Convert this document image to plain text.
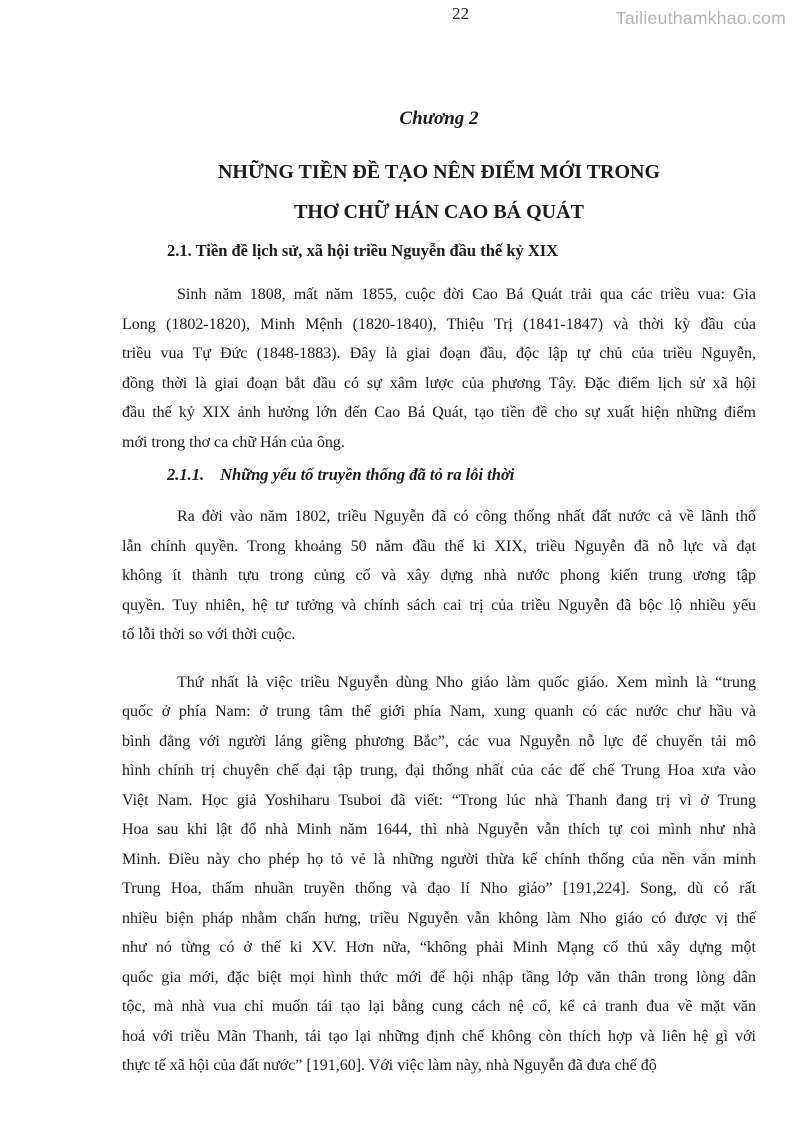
22	Tailieuthamkhao.com
Chương 2
NHỮNG TIỀN ĐỀ TẠO NÊN ĐIỂM MỚI TRONG
THƠ CHỮ HÁN CAO BÁ QUÁT
2.1. Tiền đề lịch sử, xã hội triều Nguyễn đầu thế kỷ XIX
Sinh năm 1808, mất năm 1855, cuộc đời Cao Bá Quát trải qua các triều vua: Gia
Long (1802-1820), Minh Mệnh (1820-1840), Thiệu Trị (1841-1847) và thời kỳ đầu của
triều vua Tự Đức (1848-1883). Đây là giai đoạn đầu, độc lập tự chủ của triều Nguyễn,
đồng thời là giai đoạn bắt đầu có sự xâm lược của phương Tây. Đặc điểm lịch sử xã hội
đầu thế kỷ XIX ảnh hưởng lớn đến Cao Bá Quát, tạo tiền đề cho sự xuất hiện những điểm
mới trong thơ ca chữ Hán của ông.
2.1.1. Những yếu tố truyền thống đã tỏ ra lỗi thời
Ra đời vào năm 1802, triều Nguyễn đã có công thống nhất đất nước cả về lãnh thổ
lẫn chính quyền. Trong khoảng 50 năm đầu thế ki XIX, triều Nguyễn đã nỗ lực và đạt
không ít thành tựu trong củng cố và xây dựng nhà nước phong kiến trung ương tập
quyền. Tuy nhiên, hệ tư tưởng và chính sách cai trị của triều Nguyễn đã bộc lộ nhiều yếu
tố lỗi thời so với thời cuộc.
Thứ nhất là việc triều Nguyễn dùng Nho giáo làm quốc giáo. Xem mình là “trung
quốc ở phía Nam: ở trung tâm thế giới phía Nam, xung quanh có các nước chư hầu và
bình đẳng với người láng giềng phương Bắc”, các vua Nguyễn nỗ lực để chuyển tải mô
hình chính trị chuyên chế đại tập trung, đại thống nhất của các đế chế Trung Hoa xưa vào
Việt Nam. Học giả Yoshiharu Tsuboi đã viết: “Trong lúc nhà Thanh đang trị vì ở Trung
Hoa sau khi lật đổ nhà Minh năm 1644, thì nhà Nguyễn vẫn thích tự coi mình như nhà
Minh. Điều này cho phép họ tỏ vẻ là những người thừa kế chính thống của nền văn minh
Trung Hoa, thấm nhuần truyền thống và đạo lí Nho giáo” [191,224]. Song, dù có rất
nhiều biện pháp nhằm chấn hưng, triều Nguyễn vẫn không làm Nho giáo có được vị thế
như nó từng có ở thế ki XV. Hơn nữa, “không phải Minh Mạng cố thủ xây dựng một
quốc gia mới, đặc biệt mọi hình thức mới để hội nhập tầng lớp văn thân trong lòng dân
tộc, mà nhà vua chỉ muốn tái tạo lại bằng cung cách nệ cổ, kể cả tranh đua về mặt văn
hoá với triều Mãn Thanh, tái tạo lại những định chế không còn thích hợp và liên hệ gì với
thực tế xã hội của đất nước” [191,60]. Với việc làm này, nhà Nguyễn đã đưa chế độ
